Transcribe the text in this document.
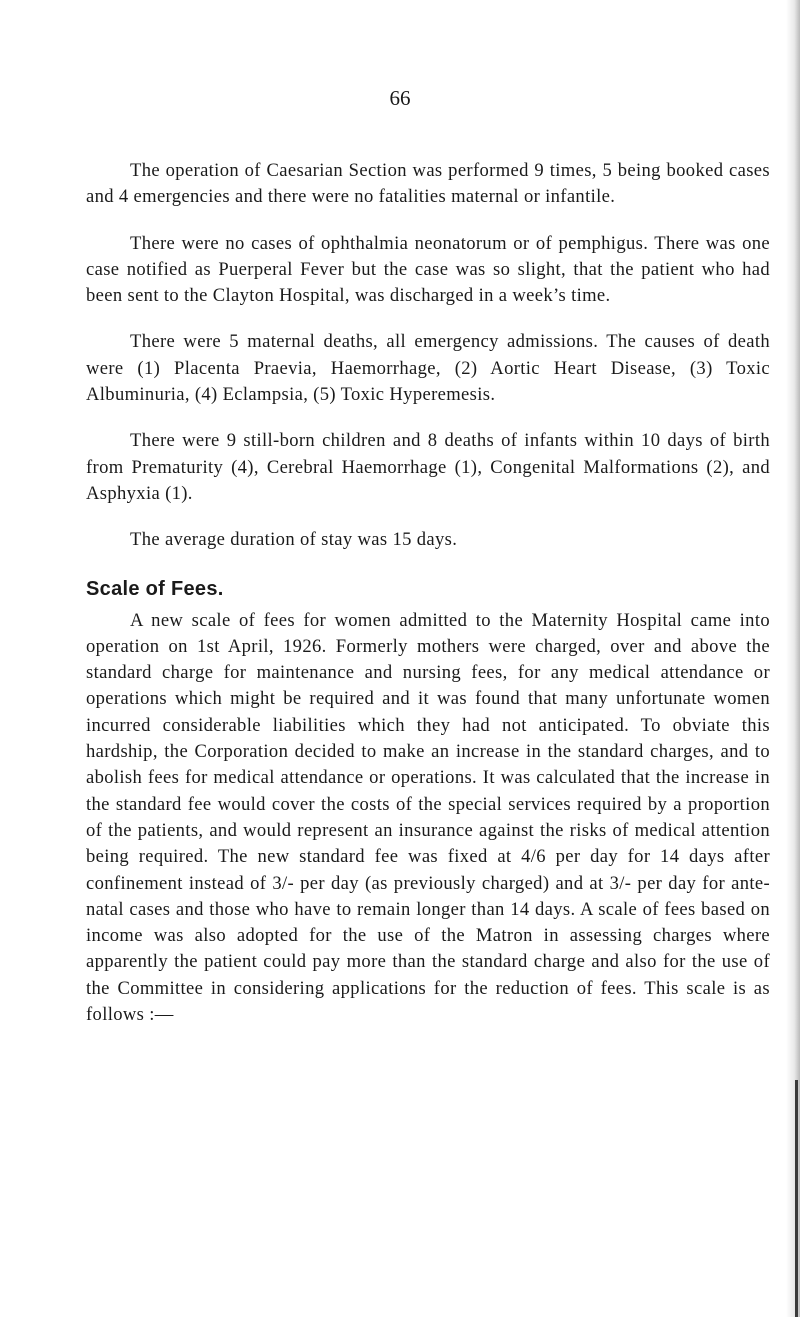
66

The operation of Caesarian Section was performed 9 times, 5 being booked cases and 4 emergencies and there were no fatalities maternal or infantile.

There were no cases of ophthalmia neonatorum or of pemphigus. There was one case notified as Puerperal Fever but the case was so slight, that the patient who had been sent to the Clayton Hospital, was discharged in a week’s time.

There were 5 maternal deaths, all emergency admissions. The causes of death were (1) Placenta Praevia, Haemorrhage, (2) Aortic Heart Disease, (3) Toxic Albuminuria, (4) Eclampsia, (5) Toxic Hyperemesis.

There were 9 still-born children and 8 deaths of infants within 10 days of birth from Prematurity (4), Cerebral Haemorrhage (1), Congenital Malformations (2), and Asphyxia (1).

The average duration of stay was 15 days.

Scale of Fees.

A new scale of fees for women admitted to the Maternity Hospital came into operation on 1st April, 1926. Formerly mothers were charged, over and above the standard charge for maintenance and nursing fees, for any medical attendance or operations which might be required and it was found that many unfortunate women incurred considerable liabilities which they had not anticipated. To obviate this hardship, the Corporation decided to make an increase in the standard charges, and to abolish fees for medical attendance or operations. It was calculated that the increase in the standard fee would cover the costs of the special services required by a proportion of the patients, and would represent an insurance against the risks of medical attention being required. The new standard fee was fixed at 4/6 per day for 14 days after confinement instead of 3/- per day (as previously charged) and at 3/- per day for ante-natal cases and those who have to remain longer than 14 days. A scale of fees based on income was also adopted for the use of the Matron in assessing charges where apparently the patient could pay more than the standard charge and also for the use of the Committee in considering applications for the reduction of fees. This scale is as follows :—
